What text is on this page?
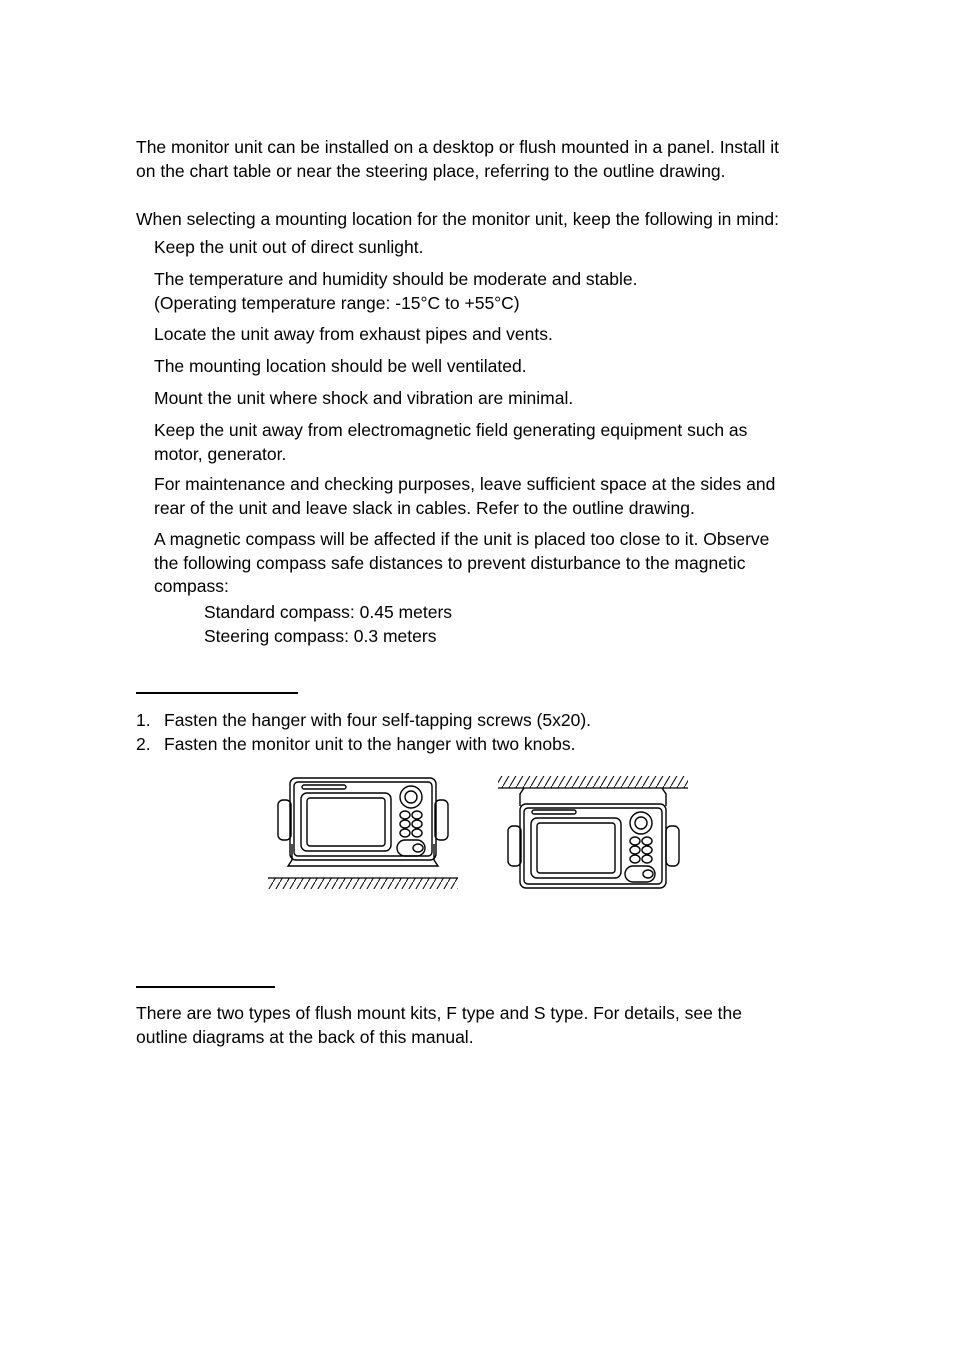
The monitor unit can be installed on a desktop or flush mounted in a panel. Install it
on the chart table or near the steering place, referring to the outline drawing.

When selecting a mounting location for the monitor unit, keep the following in mind:

Keep the unit out of direct sunlight.

The temperature and humidity should be moderate and stable.
(Operating temperature range: -15°C to +55°C)

Locate the unit away from exhaust pipes and vents.

The mounting location should be well ventilated.

Mount the unit where shock and vibration are minimal.

Keep the unit away from electromagnetic field generating equipment such as
motor, generator.

For maintenance and checking purposes, leave sufficient space at the sides and
rear of the unit and leave slack in cables. Refer to the outline drawing.

A magnetic compass will be affected if the unit is placed too close to it. Observe
the following compass safe distances to prevent disturbance to the magnetic
compass:

Standard compass: 0.45 meters
Steering compass: 0.3 meters

1. Fasten the hanger with four self-tapping screws (5x20).
2. Fasten the monitor unit to the hanger with two knobs.

There are two types of flush mount kits, F type and S type. For details, see the
outline diagrams at the back of this manual.
